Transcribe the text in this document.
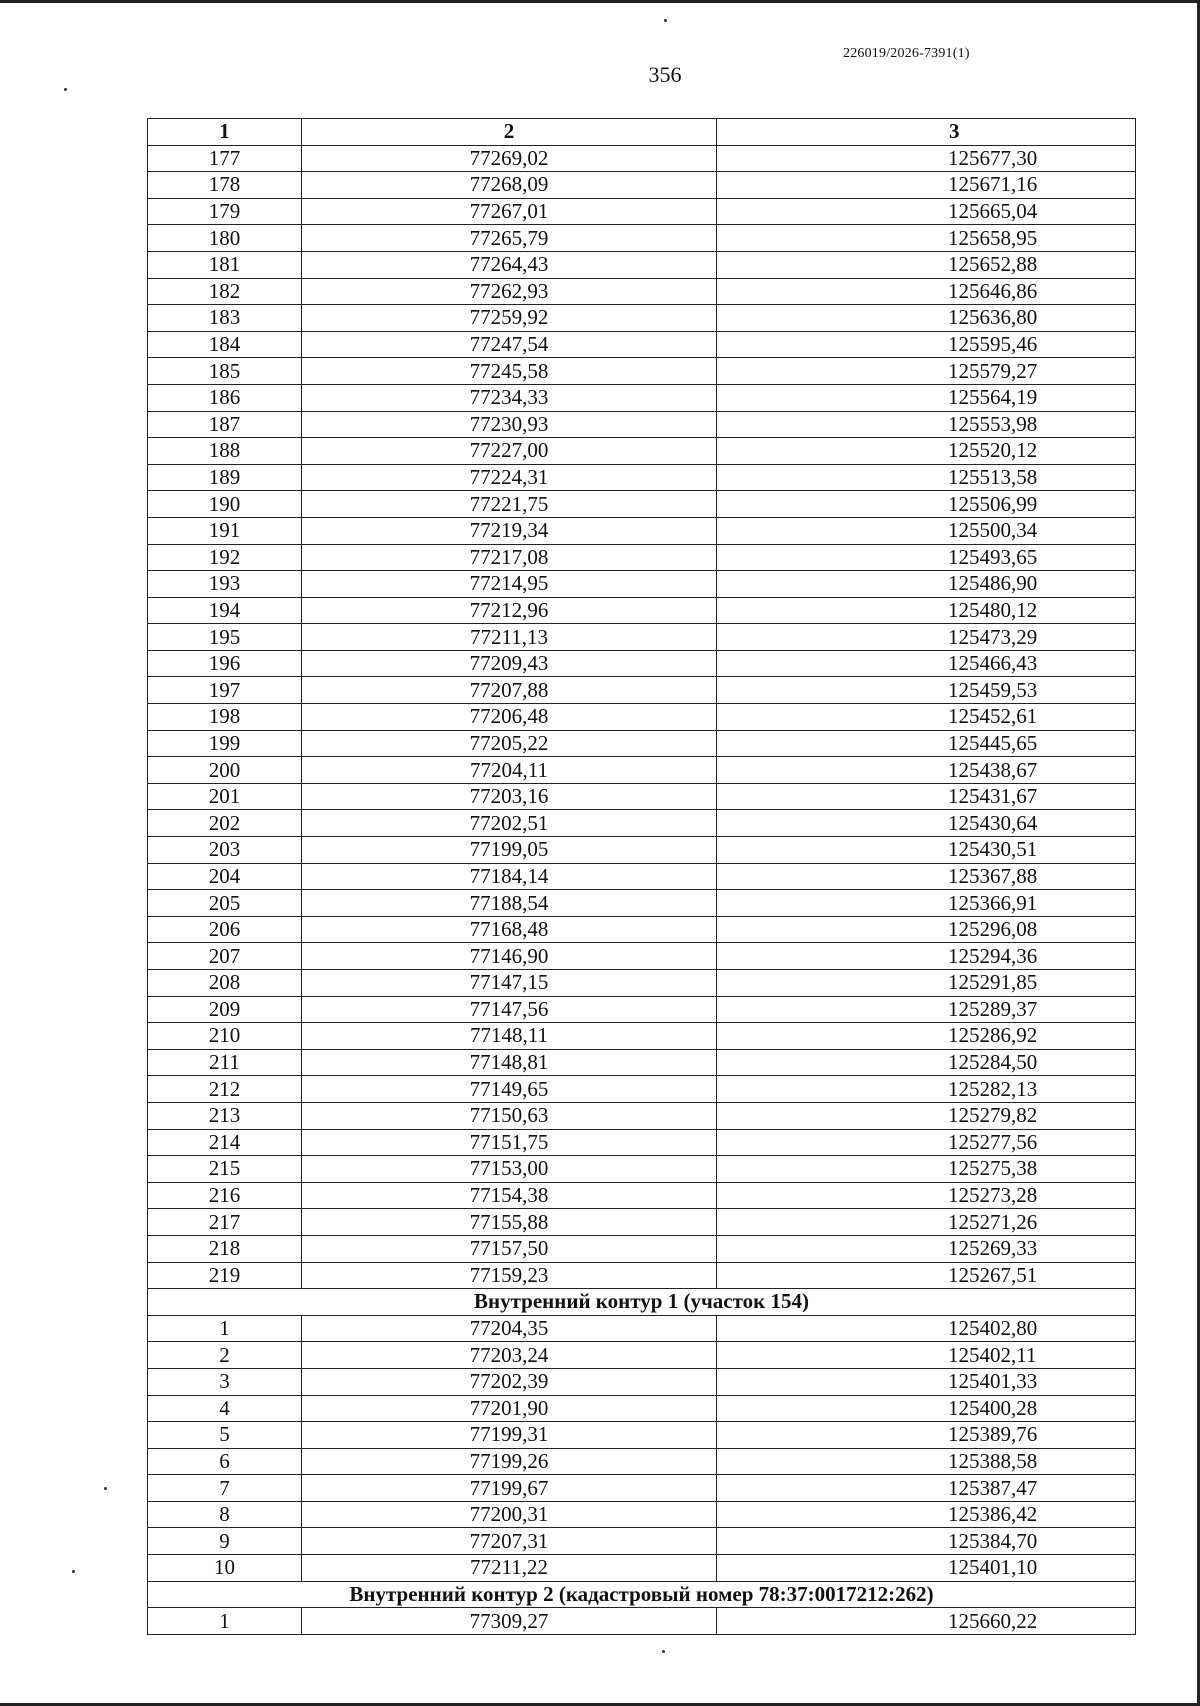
226019/2026-7391(1)
356
1	2	3
177	77269,02	125677,30
178	77268,09	125671,16
179	77267,01	125665,04
180	77265,79	125658,95
181	77264,43	125652,88
182	77262,93	125646,86
183	77259,92	125636,80
184	77247,54	125595,46
185	77245,58	125579,27
186	77234,33	125564,19
187	77230,93	125553,98
188	77227,00	125520,12
189	77224,31	125513,58
190	77221,75	125506,99
191	77219,34	125500,34
192	77217,08	125493,65
193	77214,95	125486,90
194	77212,96	125480,12
195	77211,13	125473,29
196	77209,43	125466,43
197	77207,88	125459,53
198	77206,48	125452,61
199	77205,22	125445,65
200	77204,11	125438,67
201	77203,16	125431,67
202	77202,51	125430,64
203	77199,05	125430,51
204	77184,14	125367,88
205	77188,54	125366,91
206	77168,48	125296,08
207	77146,90	125294,36
208	77147,15	125291,85
209	77147,56	125289,37
210	77148,11	125286,92
211	77148,81	125284,50
212	77149,65	125282,13
213	77150,63	125279,82
214	77151,75	125277,56
215	77153,00	125275,38
216	77154,38	125273,28
217	77155,88	125271,26
218	77157,50	125269,33
219	77159,23	125267,51
Внутренний контур 1 (участок 154)		
1	77204,35	125402,80
2	77203,24	125402,11
3	77202,39	125401,33
4	77201,90	125400,28
5	77199,31	125389,76
6	77199,26	125388,58
7	77199,67	125387,47
8	77200,31	125386,42
9	77207,31	125384,70
10	77211,22	125401,10
Внутренний контур 2 (кадастровый номер 78:37:0017212:262)		
1	77309,27	125660,22
